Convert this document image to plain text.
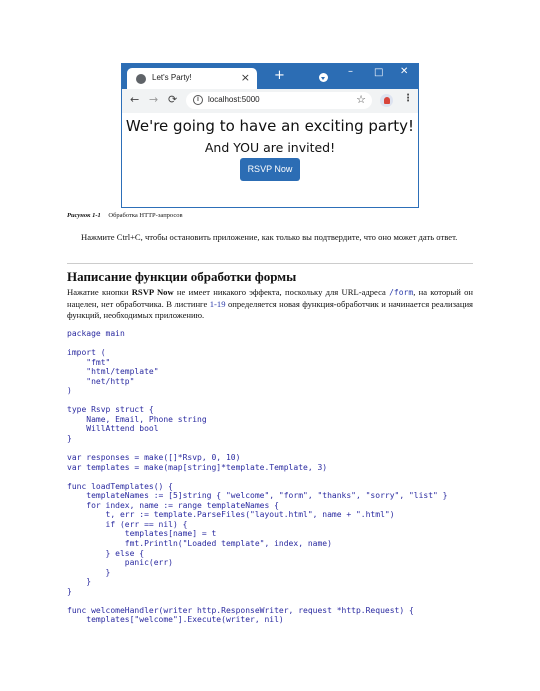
Let's Party!	× +	– □ ✕
← → ⟳	i	localhost:5000	☆	⋮
We're going to have an exciting party!
And YOU are invited!
RSVP Now
Рисунок 1-1 Обработка HTTP-запросов
Нажмите Ctrl+C, чтобы остановить приложение, как только вы подтвердите, что оно может дать ответ.
Написание функции обработки формы
Нажатие кнопки RSVP Now не имеет никакого эффекта, поскольку для URL-адреса /form, на который он нацелен, нет обработчика. В листинге 1-19 определяется новая функция-обработчик и начинается реализация функций, необходимых приложению.
package main
import (
"fmt"
"html/template"
"net/http"
)
type Rsvp struct {
Name, Email, Phone string
WillAttend bool
}
var responses = make([]*Rsvp, 0, 10)
var templates = make(map[string]*template.Template, 3)
func loadTemplates() {
templateNames := [5]string { "welcome", "form", "thanks", "sorry", "list" }
for index, name := range templateNames {
t, err := template.ParseFiles("layout.html", name + ".html")
if (err == nil) {
templates[name] = t
fmt.Println("Loaded template", index, name)
} else {
panic(err)
}
}
}
func welcomeHandler(writer http.ResponseWriter, request *http.Request) {
templates["welcome"].Execute(writer, nil)
